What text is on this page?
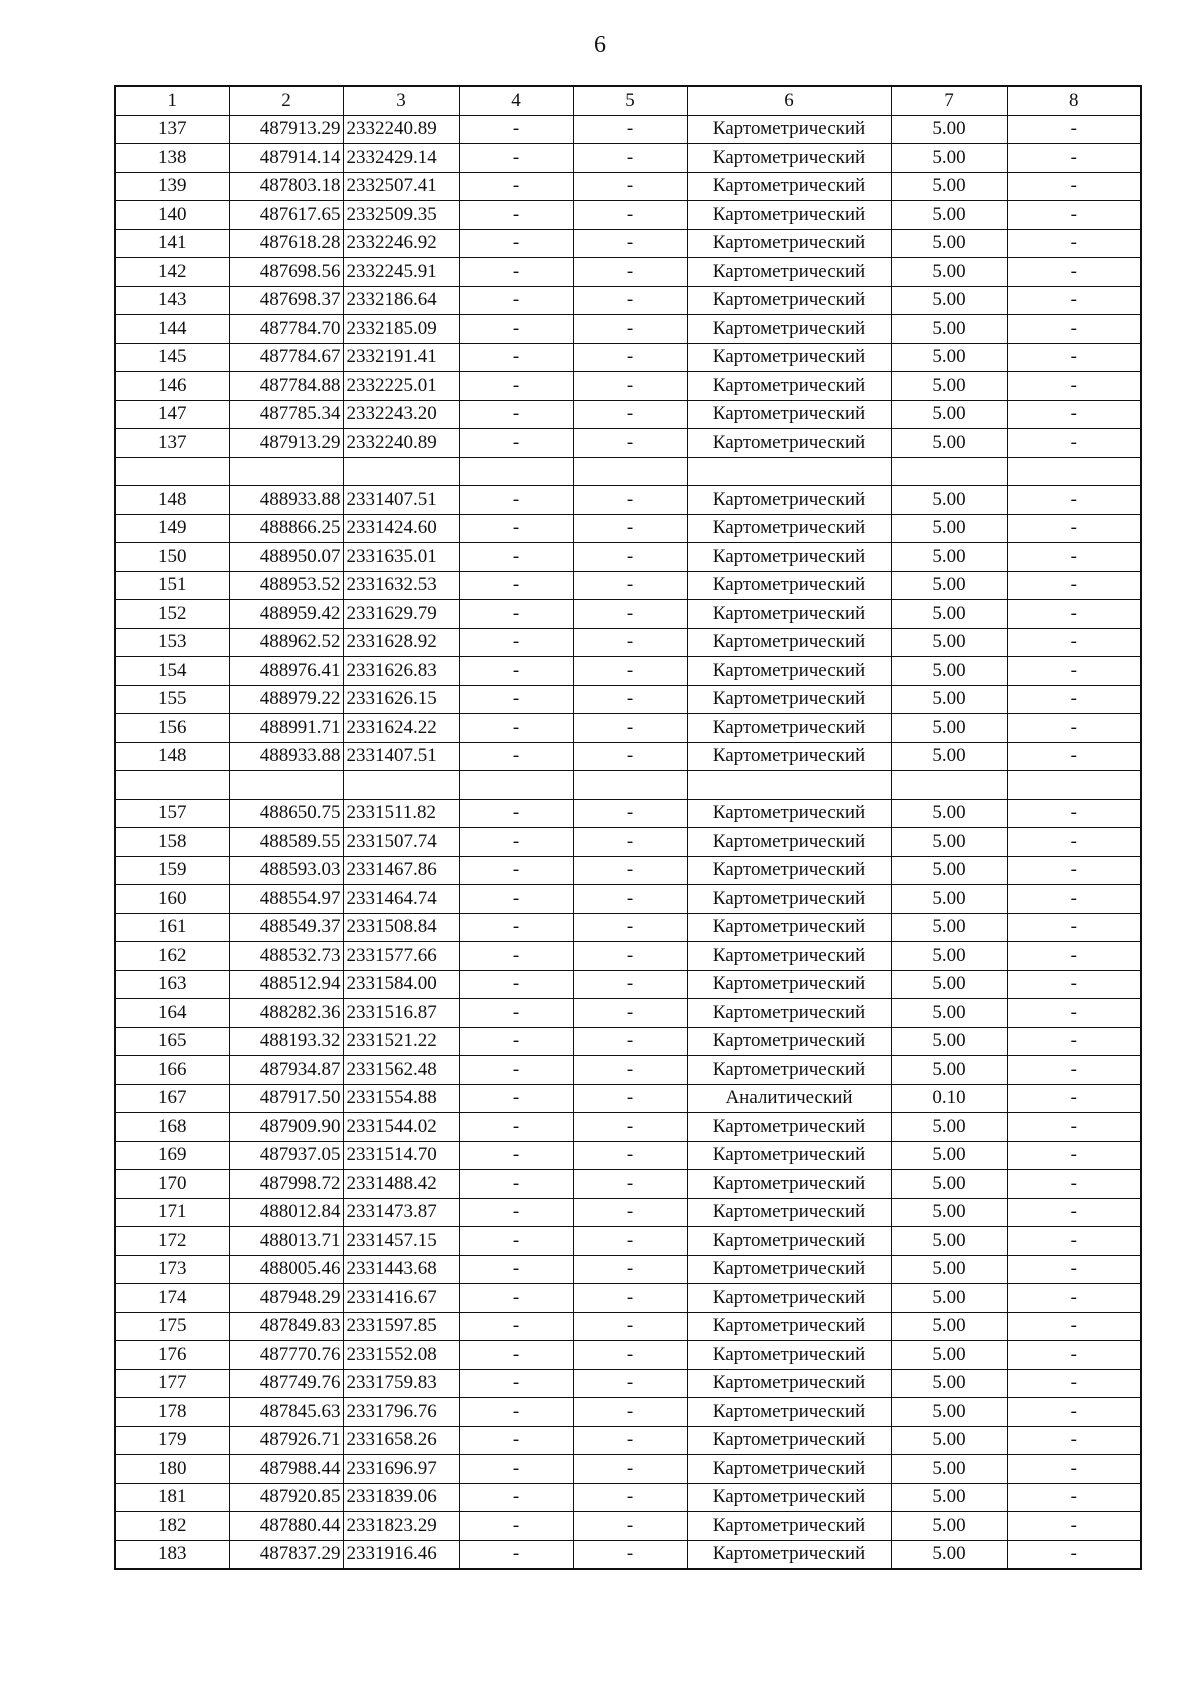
6
1	2	3	4	5	6	7	8
137	487913.29	2332240.89	-	-	Картометрический	5.00	-
138	487914.14	2332429.14	-	-	Картометрический	5.00	-
139	487803.18	2332507.41	-	-	Картометрический	5.00	-
140	487617.65	2332509.35	-	-	Картометрический	5.00	-
141	487618.28	2332246.92	-	-	Картометрический	5.00	-
142	487698.56	2332245.91	-	-	Картометрический	5.00	-
143	487698.37	2332186.64	-	-	Картометрический	5.00	-
144	487784.70	2332185.09	-	-	Картометрический	5.00	-
145	487784.67	2332191.41	-	-	Картометрический	5.00	-
146	487784.88	2332225.01	-	-	Картометрический	5.00	-
147	487785.34	2332243.20	-	-	Картометрический	5.00	-
137	487913.29	2332240.89	-	-	Картометрический	5.00	-

148	488933.88	2331407.51	-	-	Картометрический	5.00	-
149	488866.25	2331424.60	-	-	Картометрический	5.00	-
150	488950.07	2331635.01	-	-	Картометрический	5.00	-
151	488953.52	2331632.53	-	-	Картометрический	5.00	-
152	488959.42	2331629.79	-	-	Картометрический	5.00	-
153	488962.52	2331628.92	-	-	Картометрический	5.00	-
154	488976.41	2331626.83	-	-	Картометрический	5.00	-
155	488979.22	2331626.15	-	-	Картометрический	5.00	-
156	488991.71	2331624.22	-	-	Картометрический	5.00	-
148	488933.88	2331407.51	-	-	Картометрический	5.00	-

157	488650.75	2331511.82	-	-	Картометрический	5.00	-
158	488589.55	2331507.74	-	-	Картометрический	5.00	-
159	488593.03	2331467.86	-	-	Картометрический	5.00	-
160	488554.97	2331464.74	-	-	Картометрический	5.00	-
161	488549.37	2331508.84	-	-	Картометрический	5.00	-
162	488532.73	2331577.66	-	-	Картометрический	5.00	-
163	488512.94	2331584.00	-	-	Картометрический	5.00	-
164	488282.36	2331516.87	-	-	Картометрический	5.00	-
165	488193.32	2331521.22	-	-	Картометрический	5.00	-
166	487934.87	2331562.48	-	-	Картометрический	5.00	-
167	487917.50	2331554.88	-	-	Аналитический	0.10	-
168	487909.90	2331544.02	-	-	Картометрический	5.00	-
169	487937.05	2331514.70	-	-	Картометрический	5.00	-
170	487998.72	2331488.42	-	-	Картометрический	5.00	-
171	488012.84	2331473.87	-	-	Картометрический	5.00	-
172	488013.71	2331457.15	-	-	Картометрический	5.00	-
173	488005.46	2331443.68	-	-	Картометрический	5.00	-
174	487948.29	2331416.67	-	-	Картометрический	5.00	-
175	487849.83	2331597.85	-	-	Картометрический	5.00	-
176	487770.76	2331552.08	-	-	Картометрический	5.00	-
177	487749.76	2331759.83	-	-	Картометрический	5.00	-
178	487845.63	2331796.76	-	-	Картометрический	5.00	-
179	487926.71	2331658.26	-	-	Картометрический	5.00	-
180	487988.44	2331696.97	-	-	Картометрический	5.00	-
181	487920.85	2331839.06	-	-	Картометрический	5.00	-
182	487880.44	2331823.29	-	-	Картометрический	5.00	-
183	487837.29	2331916.46	-	-	Картометрический	5.00	-
